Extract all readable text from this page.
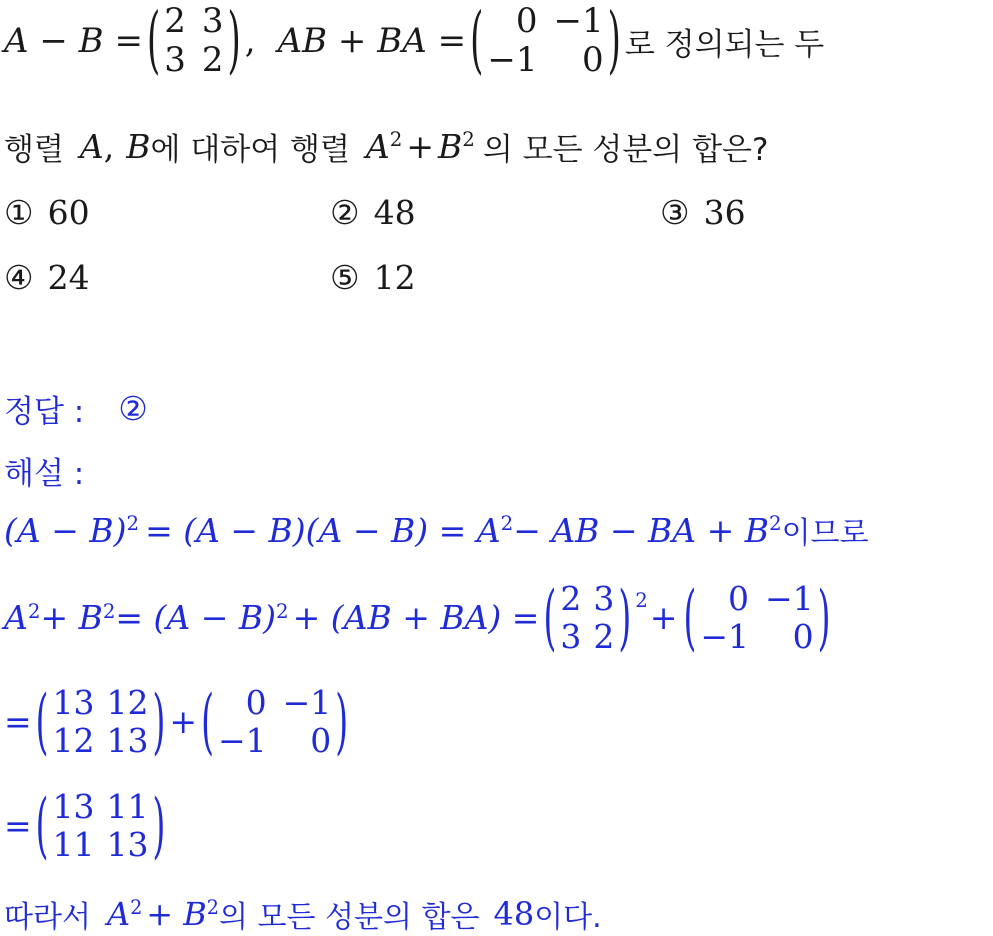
A − B = ( 2 3
3 2 ) , AB + BA = ( 0 −1
−1	0 ) 로 정의되는 두
행렬 A , B 에 대하여 행렬 $A^2 + B^2$ 의 모든 성분의 합은?
① 60	② 48	③ 36
④ 24	⑤ 12
정답 : ②
해설 :
$(A - B)^2 = (A - B)(A - B) = A^2$ − AB − BA + $B^2$ 이므로
$A^2 + B^2 = (A - B)^2 + (AB + BA)$ = ( 2 3
3 2 )$^2$ + ( 0 −1
−1	0 )
= ( 13 12
12 13 ) + ( 0 −1
−1	0 )
= ( 13 11
11 13 )
따라서 $A^2 + B^2$ 의 모든 성분의 합은 48 이다.
